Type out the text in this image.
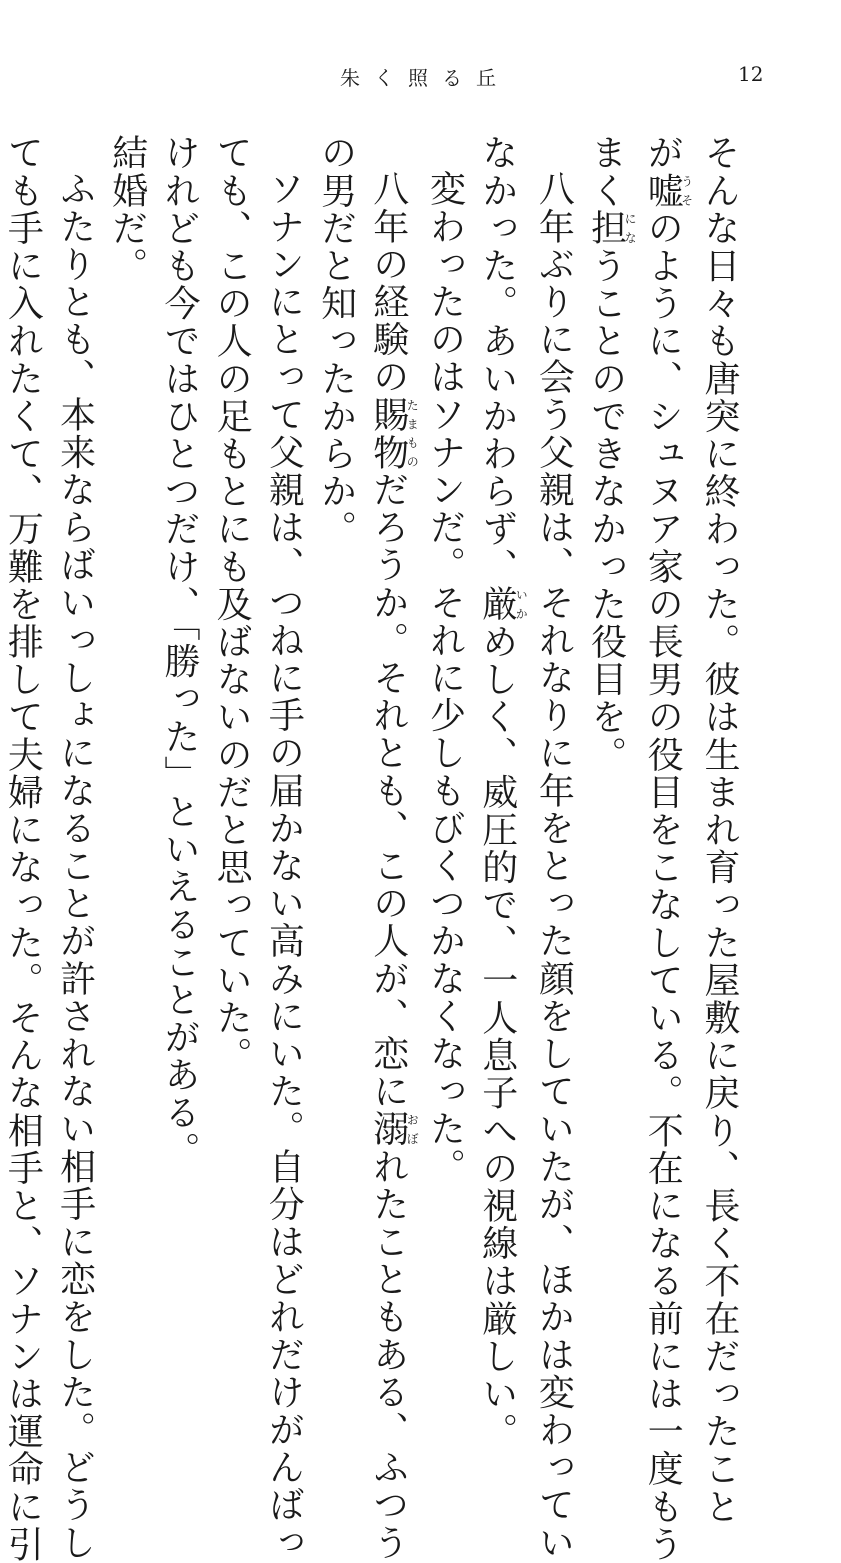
朱く照る丘	12
そんな日々も唐突に終わった。彼は生まれ育った屋敷に戻り、長く不在だったこと
が嘘うそのように、シュヌア家の長男の役目をこなしている。不在になる前には一度もう
まく担になうことのできなかった役目を。
八年ぶりに会う父親は、それなりに年をとった顔をしていたが、ほかは変わってい
なかった。あいかわらず、厳いかめしく、威圧的で、一人息子への視線は厳しい。
変わったのはソナンだ。それに少しもびくつかなくなった。
八年の経験の賜物たまものだろうか。それとも、この人が、恋に溺おぼれたこともある、ふつう
の男だと知ったからか。
ソナンにとって父親は、つねに手の届かない高みにいた。自分はどれだけがんばっ
ても、この人の足もとにも及ばないのだと思っていた。
けれども今ではひとつだけ、「勝った」といえることがある。
結婚だ。
ふたりとも、本来ならばいっしょになることが許されない相手に恋をした。どうし
ても手に入れたくて、万難を排して夫婦になった。そんな相手と、ソナンは運命に引
